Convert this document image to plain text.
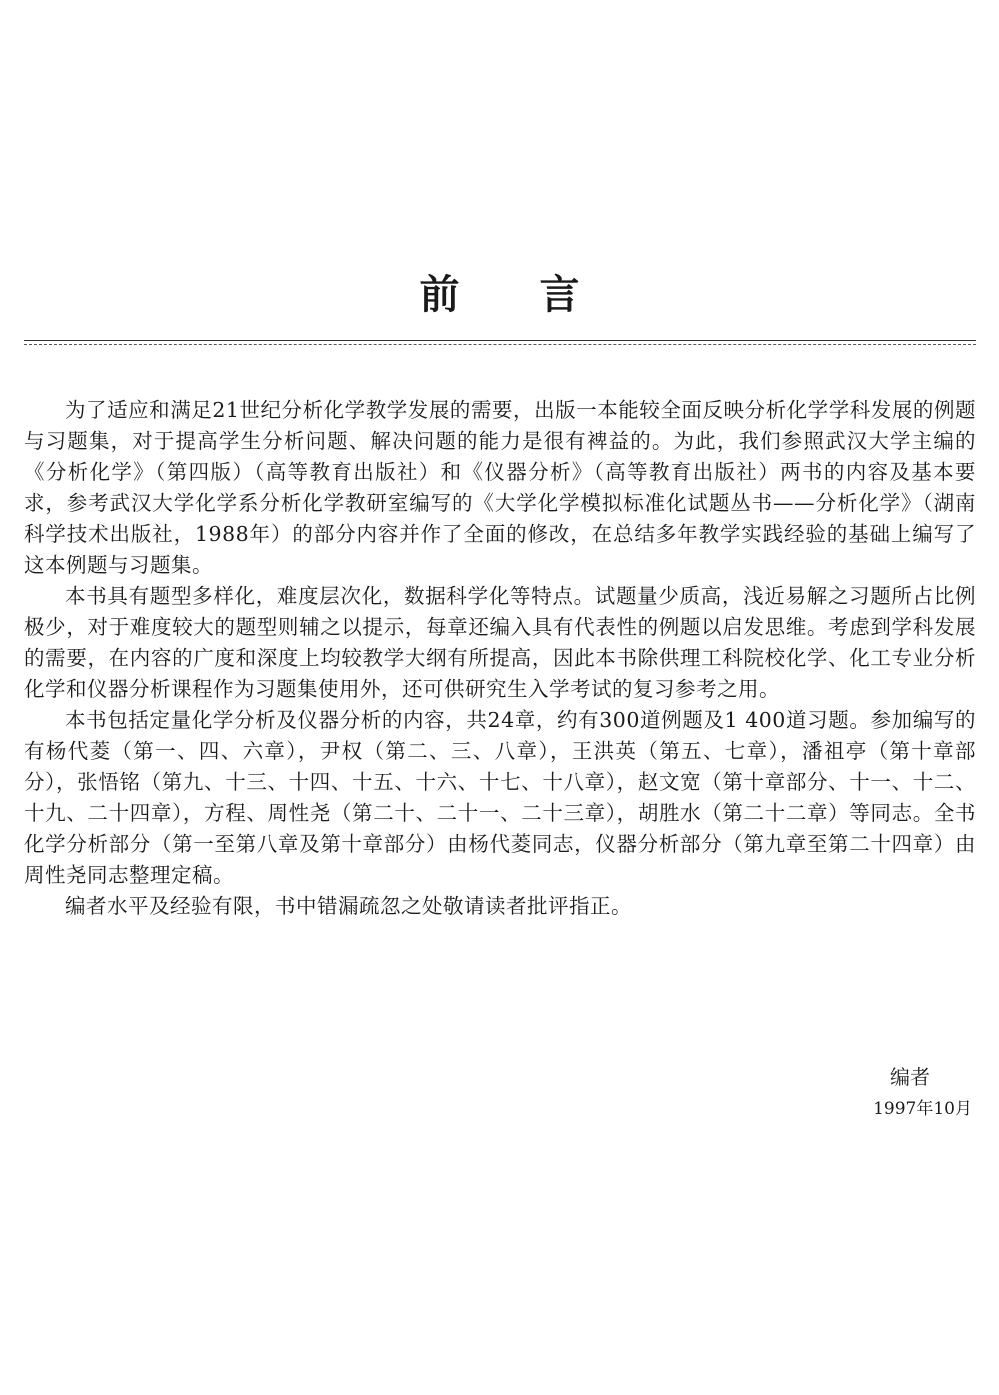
前　　言

为了适应和满足21世纪分析化学教学发展的需要，出版一本能较全面反映分析化学学科发展的例题与习题集，对于提高学生分析问题、解决问题的能力是很有裨益的。为此，我们参照武汉大学主编的《分析化学》（第四版）（高等教育出版社）和《仪器分析》（高等教育出版社）两书的内容及基本要求，参考武汉大学化学系分析化学教研室编写的《大学化学模拟标准化试题丛书——分析化学》（湖南科学技术出版社，1988年）的部分内容并作了全面的修改，在总结多年教学实践经验的基础上编写了这本例题与习题集。

本书具有题型多样化，难度层次化，数据科学化等特点。试题量少质高，浅近易解之习题所占比例极少，对于难度较大的题型则辅之以提示，每章还编入具有代表性的例题以启发思维。考虑到学科发展的需要，在内容的广度和深度上均较教学大纲有所提高，因此本书除供理工科院校化学、化工专业分析化学和仪器分析课程作为习题集使用外，还可供研究生入学考试的复习参考之用。

本书包括定量化学分析及仪器分析的内容，共24章，约有300道例题及1 400道习题。参加编写的有杨代菱（第一、四、六章），尹权（第二、三、八章），王洪英（第五、七章），潘祖亭（第十章部分），张悟铭（第九、十三、十四、十五、十六、十七、十八章），赵文宽（第十章部分、十一、十二、十九、二十四章），方程、周性尧（第二十、二十一、二十三章），胡胜水（第二十二章）等同志。全书化学分析部分（第一至第八章及第十章部分）由杨代菱同志，仪器分析部分（第九章至第二十四章）由周性尧同志整理定稿。

编者水平及经验有限，书中错漏疏忽之处敬请读者批评指正。

编者
1997年10月
